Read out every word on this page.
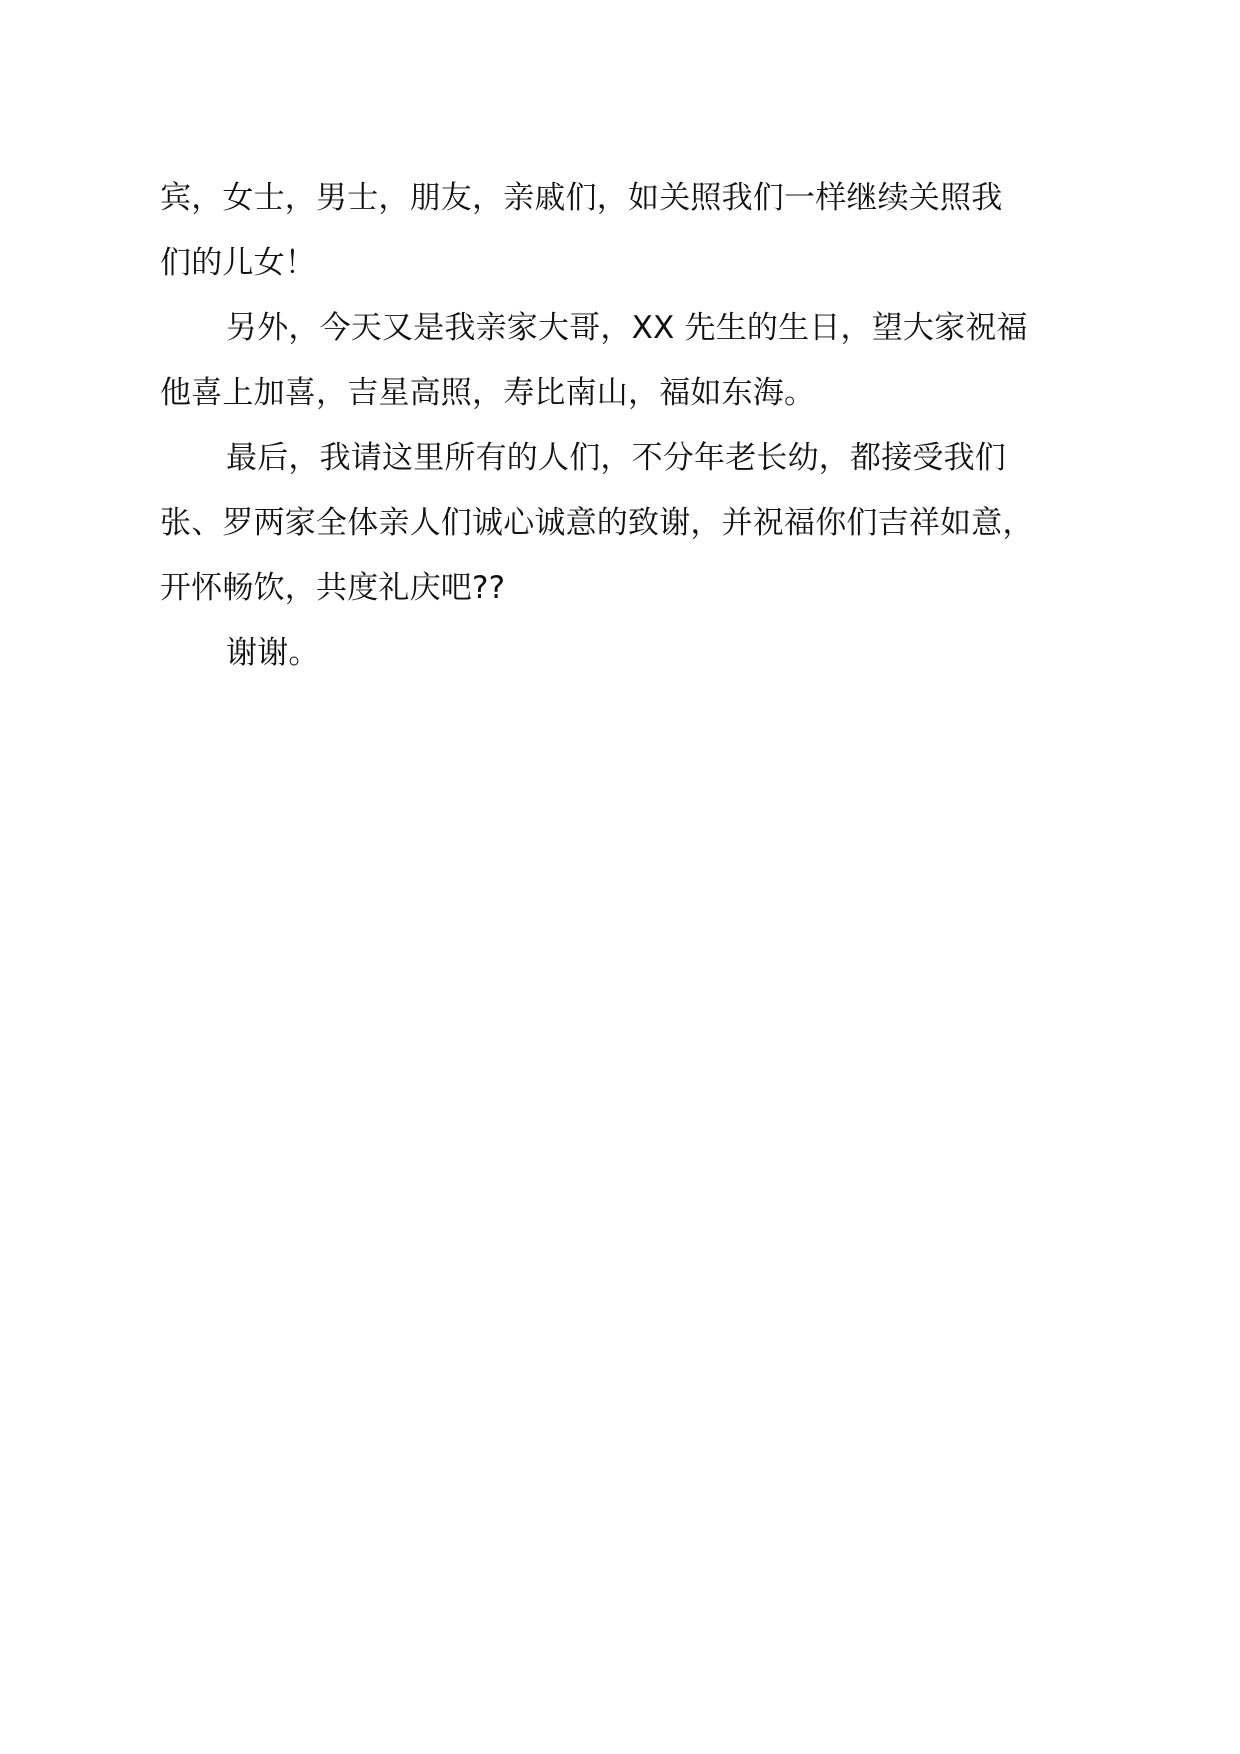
宾，女士，男士，朋友，亲戚们，如关照我们一样继续关照我
们的儿女！
另外，今天又是我亲家大哥，XX 先生的生日，望大家祝福
他喜上加喜，吉星高照，寿比南山，福如东海。
最后，我请这里所有的人们，不分年老长幼，都接受我们
张、罗两家全体亲人们诚心诚意的致谢，并祝福你们吉祥如意，
开怀畅饮，共度礼庆吧??
谢谢。
